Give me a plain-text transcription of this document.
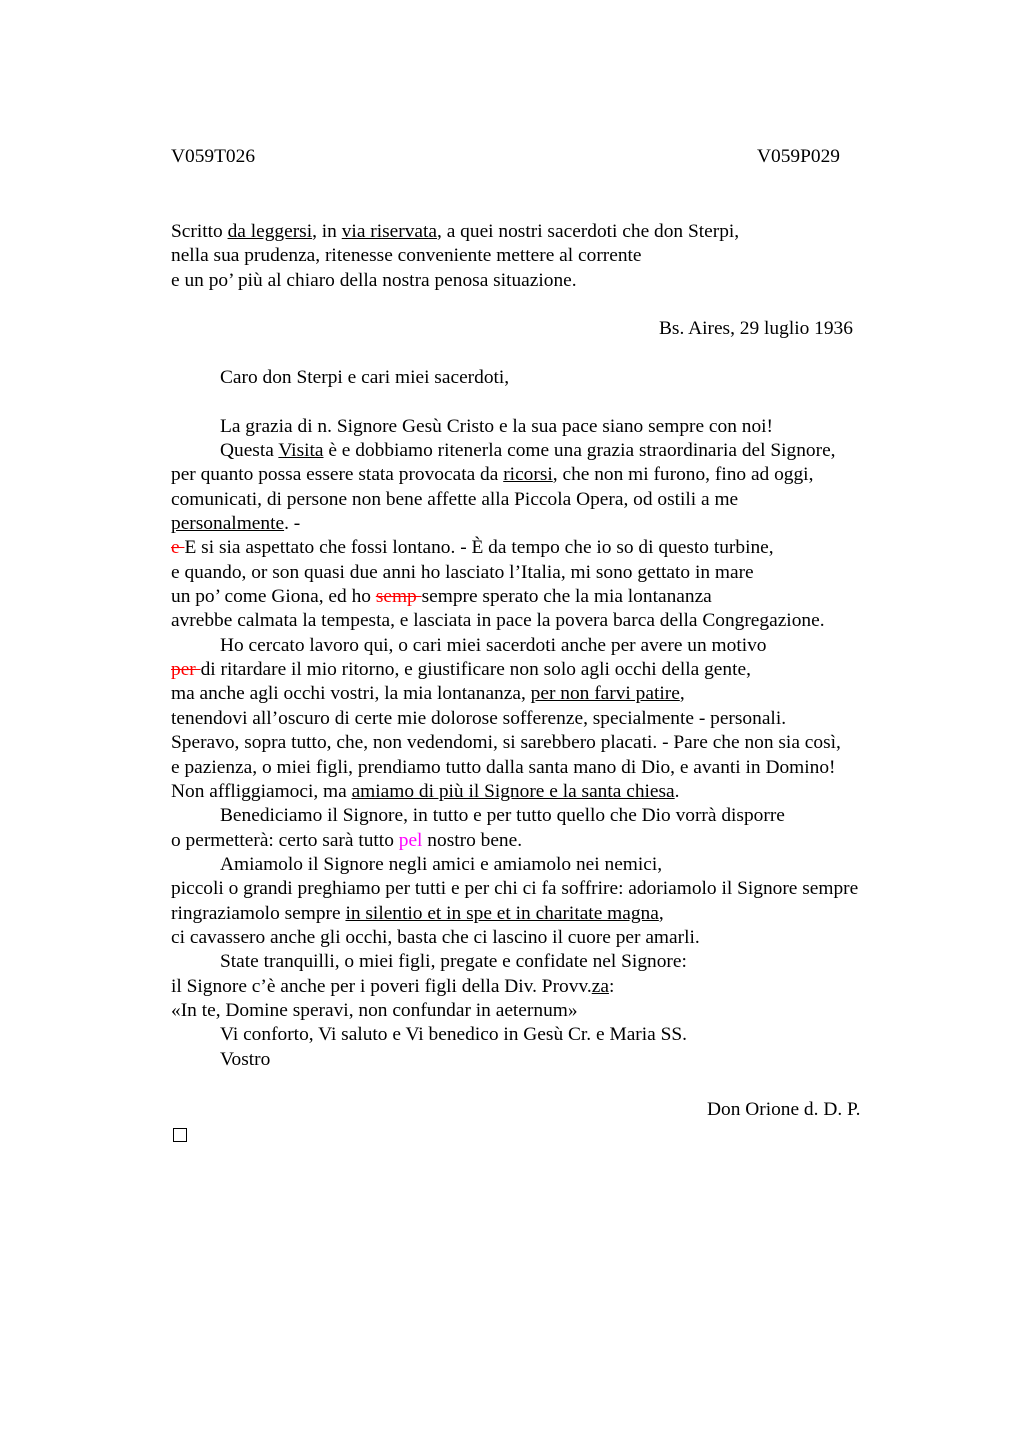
V059T026	V059P029
Scritto da leggersi, in via riservata, a quei nostri sacerdoti che don Sterpi,
nella sua prudenza, ritenesse conveniente mettere al corrente
e un po’ più al chiaro della nostra penosa situazione.
Bs. Aires, 29 luglio 1936
Caro don Sterpi e cari miei sacerdoti,
La grazia di n. Signore Gesù Cristo e la sua pace siano sempre con noi!
Questa Visita è e dobbiamo ritenerla come una grazia straordinaria del Signore,
per quanto possa essere stata provocata da ricorsi, che non mi furono, fino ad oggi,
comunicati, di persone non bene affette alla Piccola Opera, od ostili a me
personalmente. -
e E si sia aspettato che fossi lontano. - È da tempo che io so di questo turbine,
e quando, or son quasi due anni ho lasciato l’Italia, mi sono gettato in mare
un po’ come Giona, ed ho semp sempre sperato che la mia lontananza
avrebbe calmata la tempesta, e lasciata in pace la povera barca della Congregazione.
Ho cercato lavoro qui, o cari miei sacerdoti anche per avere un motivo
per di ritardare il mio ritorno, e giustificare non solo agli occhi della gente,
ma anche agli occhi vostri, la mia lontananza, per non farvi patire,
tenendovi all’oscuro di certe mie dolorose sofferenze, specialmente - personali.
Speravo, sopra tutto, che, non vedendomi, si sarebbero placati. - Pare che non sia così,
e pazienza, o miei figli, prendiamo tutto dalla santa mano di Dio, e avanti in Domino!
Non affliggiamoci, ma amiamo di più il Signore e la santa chiesa.
Benediciamo il Signore, in tutto e per tutto quello che Dio vorrà disporre
o permetterà: certo sarà tutto pel nostro bene.
Amiamolo il Signore negli amici e amiamolo nei nemici,
piccoli o grandi preghiamo per tutti e per chi ci fa soffrire: adoriamolo il Signore sempre
ringraziamolo sempre in silentio et in spe et in charitate magna,
ci cavassero anche gli occhi, basta che ci lascino il cuore per amarli.
State tranquilli, o miei figli, pregate e confidate nel Signore:
il Signore c’è anche per i poveri figli della Div. Provv.za:
«In te, Domine speravi, non confundar in aeternum»
Vi conforto, Vi saluto e Vi benedico in Gesù Cr. e Maria SS.
Vostro
Don Orione d. D. P.
